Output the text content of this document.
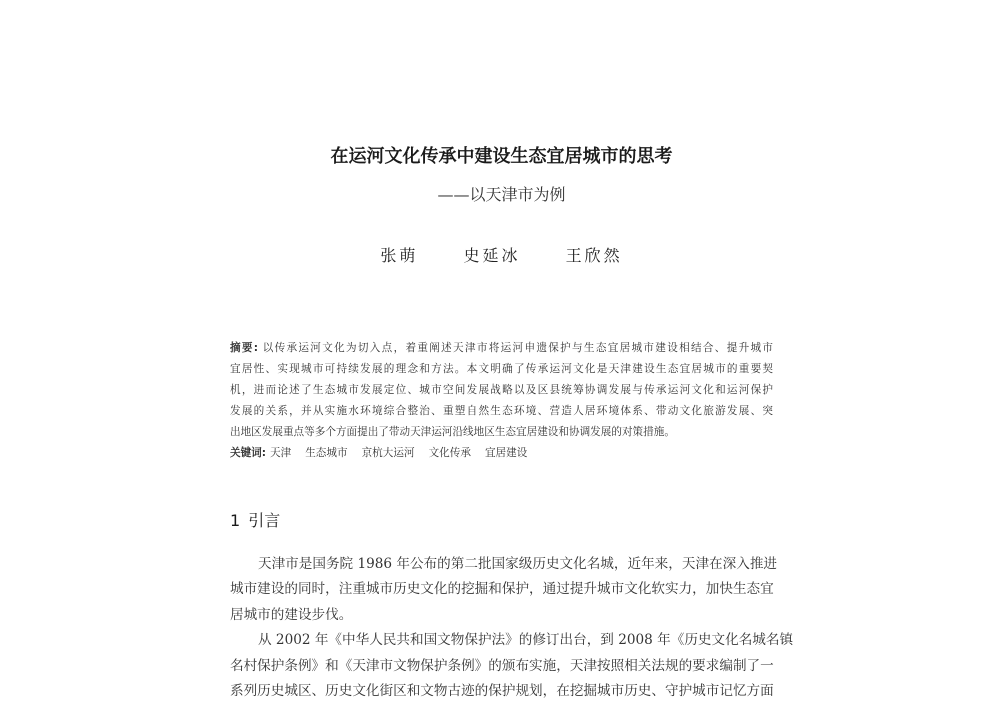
在运河文化传承中建设生态宜居城市的思考
——以天津市为例
张萌	史延冰	王欣然
摘要: 以传承运河文化为切入点，着重阐述天津市将运河申遗保护与生态宜居城市建设相结合、提升城市
宜居性、实现城市可持续发展的理念和方法。本文明确了传承运河文化是天津建设生态宜居城市的重要契
机，进而论述了生态城市发展定位、城市空间发展战略以及区县统筹协调发展与传承运河文化和运河保护
发展的关系，并从实施水环境综合整治、重塑自然生态环境、营造人居环境体系、带动文化旅游发展、突
出地区发展重点等多个方面提出了带动天津运河沿线地区生态宜居建设和协调发展的对策措施。
关键词: 天津 生态城市 京杭大运河 文化传承 宜居建设
1 引言
天津市是国务院 1986 年公布的第二批国家级历史文化名城，近年来，天津在深入推进
城市建设的同时，注重城市历史文化的挖掘和保护，通过提升城市文化软实力，加快生态宜
居城市的建设步伐。
从 2002 年《中华人民共和国文物保护法》的修订出台，到 2008 年《历史文化名城名镇
名村保护条例》和《天津市文物保护条例》的颁布实施，天津按照相关法规的要求编制了一
系列历史城区、历史文化街区和文物古迹的保护规划，在挖掘城市历史、守护城市记忆方面
